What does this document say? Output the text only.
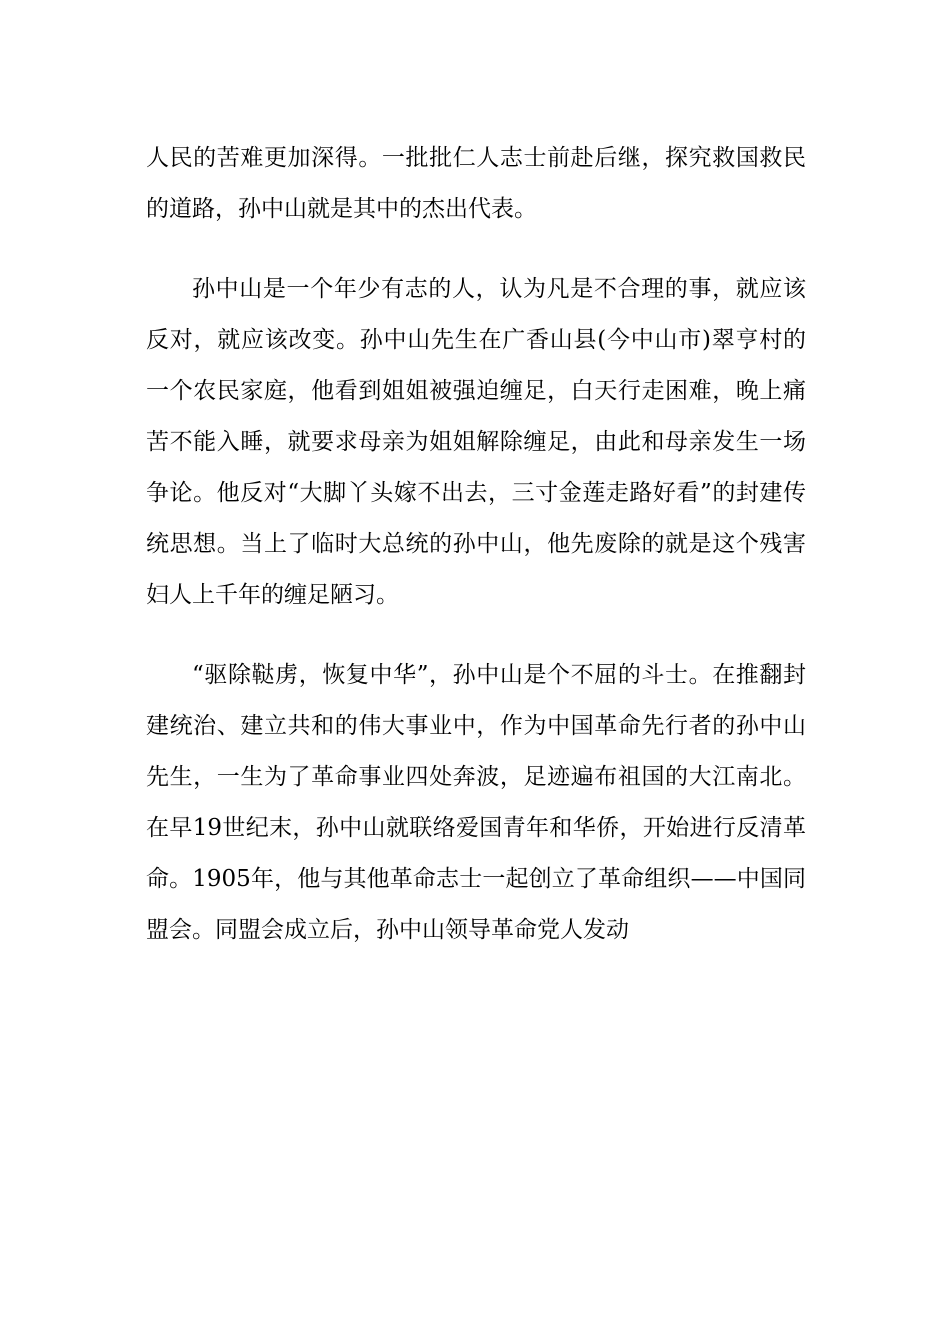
人民的苦难更加深得。一批批仁人志士前赴后继，探究救国救民的道路，孙中山就是其中的杰出代表。

孙中山是一个年少有志的人，认为凡是不合理的事，就应该反对，就应该改变。孙中山先生在广香山县(今中山市)翠亨村的一个农民家庭，他看到姐姐被强迫缠足，白天行走困难，晚上痛苦不能入睡，就要求母亲为姐姐解除缠足，由此和母亲发生一场争论。他反对“大脚丫头嫁不出去，三寸金莲走路好看”的封建传统思想。当上了临时大总统的孙中山，他先废除的就是这个残害妇人上千年的缠足陋习。

“驱除鞑虏，恢复中华”，孙中山是个不屈的斗士。在推翻封建统治、建立共和的伟大事业中，作为中国革命先行者的孙中山先生，一生为了革命事业四处奔波，足迹遍布祖国的大江南北。在早19世纪末，孙中山就联络爱国青年和华侨，开始进行反清革命。1905年，他与其他革命志士一起创立了革命组织——中国同盟会。同盟会成立后，孙中山领导革命党人发动
